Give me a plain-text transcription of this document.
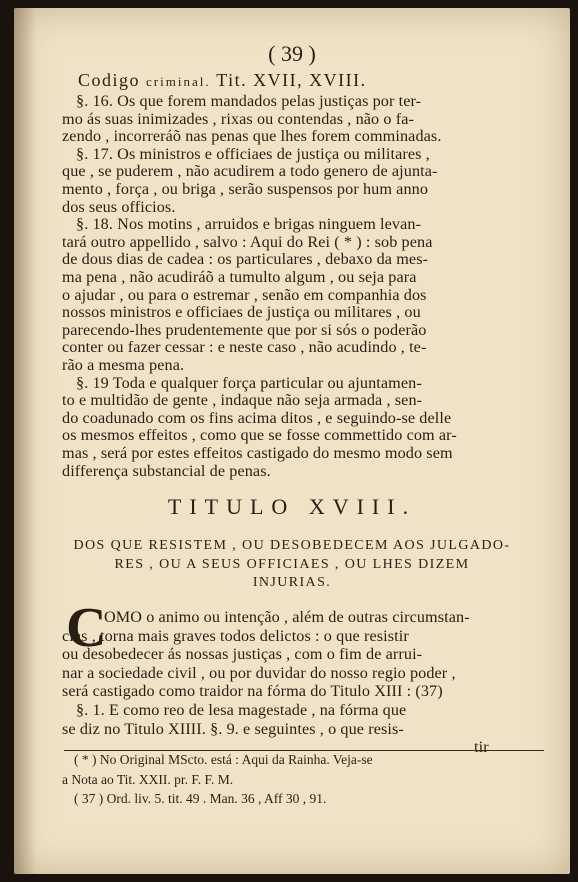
( 39 )
Codigo criminal. Tit. XVII, XVIII.
§. 16. Os que forem mandados pelas justiças por ter-
mo ás suas inimizades , rixas ou contendas , não o fa-
zendo , incorreráõ nas penas que lhes forem comminadas.
§. 17. Os ministros e officiaes de justiça ou militares ,
que , se puderem , não acudirem a todo genero de ajunta-
mento , força , ou briga , serão suspensos por hum anno
dos seus officios.
§. 18. Nos motins , arruidos e brigas ninguem levan-
tará outro appellido , salvo : Aqui do Rei ( * ) : sob pena
de dous dias de cadea : os particulares , debaxo da mes-
ma pena , não acudiráõ a tumulto algum , ou seja para
o ajudar , ou para o estremar , senão em companhia dos
nossos ministros e officiaes de justiça ou militares , ou
parecendo-lhes prudentemente que por si sós o poderão
conter ou fazer cessar : e neste caso , não acudindo , te-
rão a mesma pena.
§. 19 Toda e qualquer força particular ou ajuntamen-
to e multidão de gente , indaque não seja armada , sen-
do coadunado com os fins acima ditos , e seguindo-se delle
os mesmos effeitos , como que se fosse commettido com ar-
mas , será por estes effeitos castigado do mesmo modo sem
differença substancial de penas.
TITULO XVIII.
DOS QUE RESISTEM , OU DESOBEDECEM AOS JULGADO-
RES , OU A SEUS OFFICIAES , OU LHES DIZEM
INJURIAS.
C
OMO o animo ou intenção , além de outras circumstan-
cias , torna mais graves todos delictos : o que resistir
ou desobedecer ás nossas justiças , com o fim de arrui-
nar a sociedade civil , ou por duvidar do nosso regio poder ,
será castigado como traidor na fórma do Titulo XIII : (37)
§. 1. E como reo de lesa magestade , na fórma que
se diz no Titulo XIIII. §. 9. e seguintes , o que resis-
tir
( * ) No Original MScto. está : Aqui da Rainha. Veja-se
a Nota ao Tit. XXII. pr. F. F. M.
( 37 ) Ord. liv. 5. tit. 49 . Man. 36 , Aff 30 , 91.
